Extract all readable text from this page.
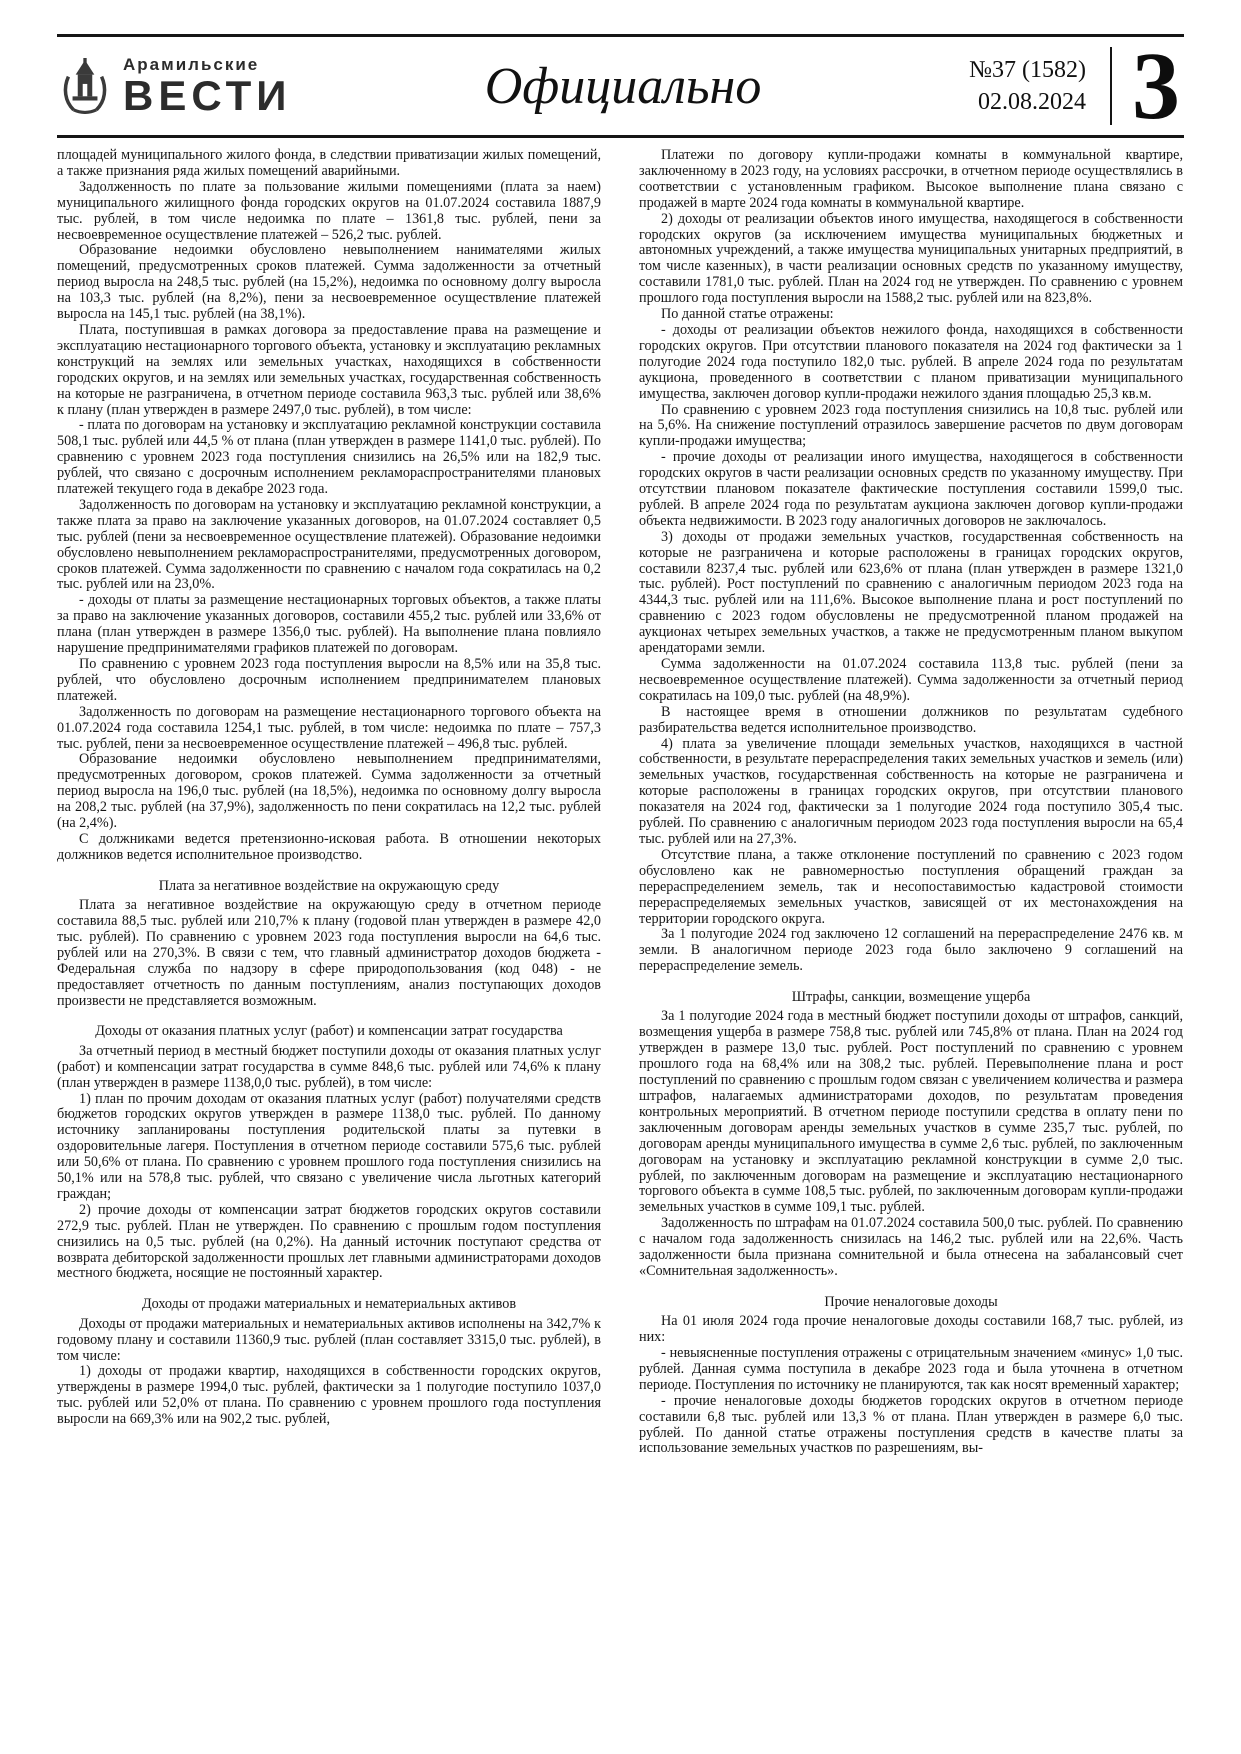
Арамильские
ВЕСТИ	Официально	№37 (1582)
02.08.2024 3

площадей муниципального жилого фонда, в следствии приватизации жилых помещений, а также признания ряда жилых помещений аварийными.

Задолженность по плате за пользование жилыми помещениями (плата за наем) муниципального жилищного фонда городских округов на 01.07.2024 составила 1887,9 тыс. рублей, в том числе недоимка по плате – 1361,8 тыс. рублей, пени за несвоевременное осуществление платежей – 526,2 тыс. рублей.

Образование недоимки обусловлено невыполнением нанимателями жилых помещений, предусмотренных сроков платежей. Сумма задолженности за отчетный период выросла на 248,5 тыс. рублей (на 15,2%), недоимка по основному долгу выросла на 103,3 тыс. рублей (на 8,2%), пени за несвоевременное осуществление платежей выросла на 145,1 тыс. рублей (на 38,1%).

Плата, поступившая в рамках договора за предоставление права на размещение и эксплуатацию нестационарного торгового объекта, установку и эксплуатацию рекламных конструкций на землях или земельных участках, находящихся в собственности городских округов, и на землях или земельных участках, государственная собственность на которые не разграничена, в отчетном периоде составила 963,3 тыс. рублей или 38,6% к плану (план утвержден в размере 2497,0 тыс. рублей), в том числе:

- плата по договорам на установку и эксплуатацию рекламной конструкции составила 508,1 тыс. рублей или 44,5 % от плана (план утвержден в размере 1141,0 тыс. рублей). По сравнению с уровнем 2023 года поступления снизились на 26,5% или на 182,9 тыс. рублей, что связано с досрочным исполнением рекламораспространителями плановых платежей текущего года в декабре 2023 года.

Задолженность по договорам на установку и эксплуатацию рекламной конструкции, а также плата за право на заключение указанных договоров, на 01.07.2024 составляет 0,5 тыс. рублей (пени за несвоевременное осуществление платежей). Образование недоимки обусловлено невыполнением рекламораспространителями, предусмотренных договором, сроков платежей. Сумма задолженности по сравнению с началом года сократилась на 0,2 тыс. рублей или на 23,0%.

- доходы от платы за размещение нестационарных торговых объектов, а также платы за право на заключение указанных договоров, составили 455,2 тыс. рублей или 33,6% от плана (план утвержден в размере 1356,0 тыс. рублей). На выполнение плана повлияло нарушение предпринимателями графиков платежей по договорам.

По сравнению с уровнем 2023 года поступления выросли на 8,5% или на 35,8 тыс. рублей, что обусловлено досрочным исполнением предпринимателем плановых платежей.

Задолженность по договорам на размещение нестационарного торгового объекта на 01.07.2024 года составила 1254,1 тыс. рублей, в том числе: недоимка по плате – 757,3 тыс. рублей, пени за несвоевременное осуществление платежей – 496,8 тыс. рублей.

Образование недоимки обусловлено невыполнением предпринимателями, предусмотренных договором, сроков платежей. Сумма задолженности за отчетный период выросла на 196,0 тыс. рублей (на 18,5%), недоимка по основному долгу выросла на 208,2 тыс. рублей (на 37,9%), задолженность по пени сократилась на 12,2 тыс. рублей (на 2,4%).

С должниками ведется претензионно-исковая работа. В отношении некоторых должников ведется исполнительное производство.

Плата за негативное воздействие на окружающую среду

Плата за негативное воздействие на окружающую среду в отчетном периоде составила 88,5 тыс. рублей или 210,7% к плану (годовой план утвержден в размере 42,0 тыс. рублей). По сравнению с уровнем 2023 года поступления выросли на 64,6 тыс. рублей или на 270,3%. В связи с тем, что главный администратор доходов бюджета - Федеральная служба по надзору в сфере природопользования (код 048) - не предоставляет отчетность по данным поступлениям, анализ поступающих доходов произвести не представляется возможным.

Доходы от оказания платных услуг (работ) и компенсации затрат государства

За отчетный период в местный бюджет поступили доходы от оказания платных услуг (работ) и компенсации затрат государства в сумме 848,6 тыс. рублей или 74,6% к плану (план утвержден в размере 1138,0,0 тыс. рублей), в том числе:

1) план по прочим доходам от оказания платных услуг (работ) получателями средств бюджетов городских округов утвержден в размере 1138,0 тыс. рублей. По данному источнику запланированы поступления родительской платы за путевки в оздоровительные лагеря. Поступления в отчетном периоде составили 575,6 тыс. рублей или 50,6% от плана. По сравнению с уровнем прошлого года поступления снизились на 50,1% или на 578,8 тыс. рублей, что связано с увеличение числа льготных категорий граждан;

2) прочие доходы от компенсации затрат бюджетов городских округов составили 272,9 тыс. рублей. План не утвержден. По сравнению с прошлым годом поступления снизились на 0,5 тыс. рублей (на 0,2%). На данный источник поступают средства от возврата дебиторской задолженности прошлых лет главными администраторами доходов местного бюджета, носящие не постоянный характер.

Доходы от продажи материальных и нематериальных активов

Доходы от продажи материальных и нематериальных активов исполнены на 342,7% к годовому плану и составили 11360,9 тыс. рублей (план составляет 3315,0 тыс. рублей), в том числе:

1) доходы от продажи квартир, находящихся в собственности городских округов, утверждены в размере 1994,0 тыс. рублей, фактически за 1 полугодие поступило 1037,0 тыс. рублей или 52,0% от плана. По сравнению с уровнем прошлого года поступления выросли на 669,3% или на 902,2 тыс. рублей,

Платежи по договору купли-продажи комнаты в коммунальной квартире, заключенному в 2023 году, на условиях рассрочки, в отчетном периоде осуществлялись в соответствии с установленным графиком. Высокое выполнение плана связано с продажей в марте 2024 года комнаты в коммунальной квартире.

2) доходы от реализации объектов иного имущества, находящегося в собственности городских округов (за исключением имущества муниципальных бюджетных и автономных учреждений, а также имущества муниципальных унитарных предприятий, в том числе казенных), в части реализации основных средств по указанному имуществу, составили 1781,0 тыс. рублей. План на 2024 год не утвержден. По сравнению с уровнем прошлого года поступления выросли на 1588,2 тыс. рублей или на 823,8%.

По данной статье отражены:

- доходы от реализации объектов нежилого фонда, находящихся в собственности городских округов. При отсутствии планового показателя на 2024 год фактически за 1 полугодие 2024 года поступило 182,0 тыс. рублей. В апреле 2024 года по результатам аукциона, проведенного в соответствии с планом приватизации муниципального имущества, заключен договор купли-продажи нежилого здания площадью 25,3 кв.м.

По сравнению с уровнем 2023 года поступления снизились на 10,8 тыс. рублей или на 5,6%. На снижение поступлений отразилось завершение расчетов по двум договорам купли-продажи имущества;

- прочие доходы от реализации иного имущества, находящегося в собственности городских округов в части реализации основных средств по указанному имуществу. При отсутствии плановом показателе фактические поступления составили 1599,0 тыс. рублей. В апреле 2024 года по результатам аукциона заключен договор купли-продажи объекта недвижимости. В 2023 году аналогичных договоров не заключалось.

3) доходы от продажи земельных участков, государственная собственность на которые не разграничена и которые расположены в границах городских округов, составили 8237,4 тыс. рублей или 623,6% от плана (план утвержден в размере 1321,0 тыс. рублей). Рост поступлений по сравнению с аналогичным периодом 2023 года на 4344,3 тыс. рублей или на 111,6%. Высокое выполнение плана и рост поступлений по сравнению с 2023 годом обусловлены не предусмотренной планом продажей на аукционах четырех земельных участков, а также не предусмотренным планом выкупом арендаторами земли.

Сумма задолженности на 01.07.2024 составила 113,8 тыс. рублей (пени за несвоевременное осуществление платежей). Сумма задолженности за отчетный период сократилась на 109,0 тыс. рублей (на 48,9%).

В настоящее время в отношении должников по результатам судебного разбирательства ведется исполнительное производство.

4) плата за увеличение площади земельных участков, находящихся в частной собственности, в результате перераспределения таких земельных участков и земель (или) земельных участков, государственная собственность на которые не разграничена и которые расположены в границах городских округов, при отсутствии планового показателя на 2024 год, фактически за 1 полугодие 2024 года поступило 305,4 тыс. рублей. По сравнению с аналогичным периодом 2023 года поступления выросли на 65,4 тыс. рублей или на 27,3%.

Отсутствие плана, а также отклонение поступлений по сравнению с 2023 годом обусловлено как не равномерностью поступления обращений граждан за перераспределением земель, так и несопоставимостью кадастровой стоимости перераспределяемых земельных участков, зависящей от их местонахождения на территории городского округа.

За 1 полугодие 2024 год заключено 12 соглашений на перераспределение 2476 кв. м земли. В аналогичном периоде 2023 года было заключено 9 соглашений на перераспределение земель.

Штрафы, санкции, возмещение ущерба

За 1 полугодие 2024 года в местный бюджет поступили доходы от штрафов, санкций, возмещения ущерба в размере 758,8 тыс. рублей или 745,8% от плана. План на 2024 год утвержден в размере 13,0 тыс. рублей. Рост поступлений по сравнению с уровнем прошлого года на 68,4% или на 308,2 тыс. рублей. Перевыполнение плана и рост поступлений по сравнению с прошлым годом связан с увеличением количества и размера штрафов, налагаемых администраторами доходов, по результатам проведения контрольных мероприятий. В отчетном периоде поступили средства в оплату пени по заключенным договорам аренды земельных участков в сумме 235,7 тыс. рублей, по договорам аренды муниципального имущества в сумме 2,6 тыс. рублей, по заключенным договорам на установку и эксплуатацию рекламной конструкции в сумме 2,0 тыс. рублей, по заключенным договорам на размещение и эксплуатацию нестационарного торгового объекта в сумме 108,5 тыс. рублей, по заключенным договорам купли-продажи земельных участков в сумме 109,1 тыс. рублей.

Задолженность по штрафам на 01.07.2024 составила 500,0 тыс. рублей. По сравнению с началом года задолженность снизилась на 146,2 тыс. рублей или на 22,6%. Часть задолженности была признана сомнительной и была отнесена на забалансовый счет «Сомнительная задолженность».

Прочие неналоговые доходы

На 01 июля 2024 года прочие неналоговые доходы составили 168,7 тыс. рублей, из них:

- невыясненные поступления отражены с отрицательным значением «минус» 1,0 тыс. рублей. Данная сумма поступила в декабре 2023 года и была уточнена в отчетном периоде. Поступления по источнику не планируются, так как носят временный характер;

- прочие неналоговые доходы бюджетов городских округов в отчетном периоде составили 6,8 тыс. рублей или 13,3 % от плана. План утвержден в размере 6,0 тыс. рублей. По данной статье отражены поступления средств в качестве платы за использование земельных участков по разрешениям, вы-
